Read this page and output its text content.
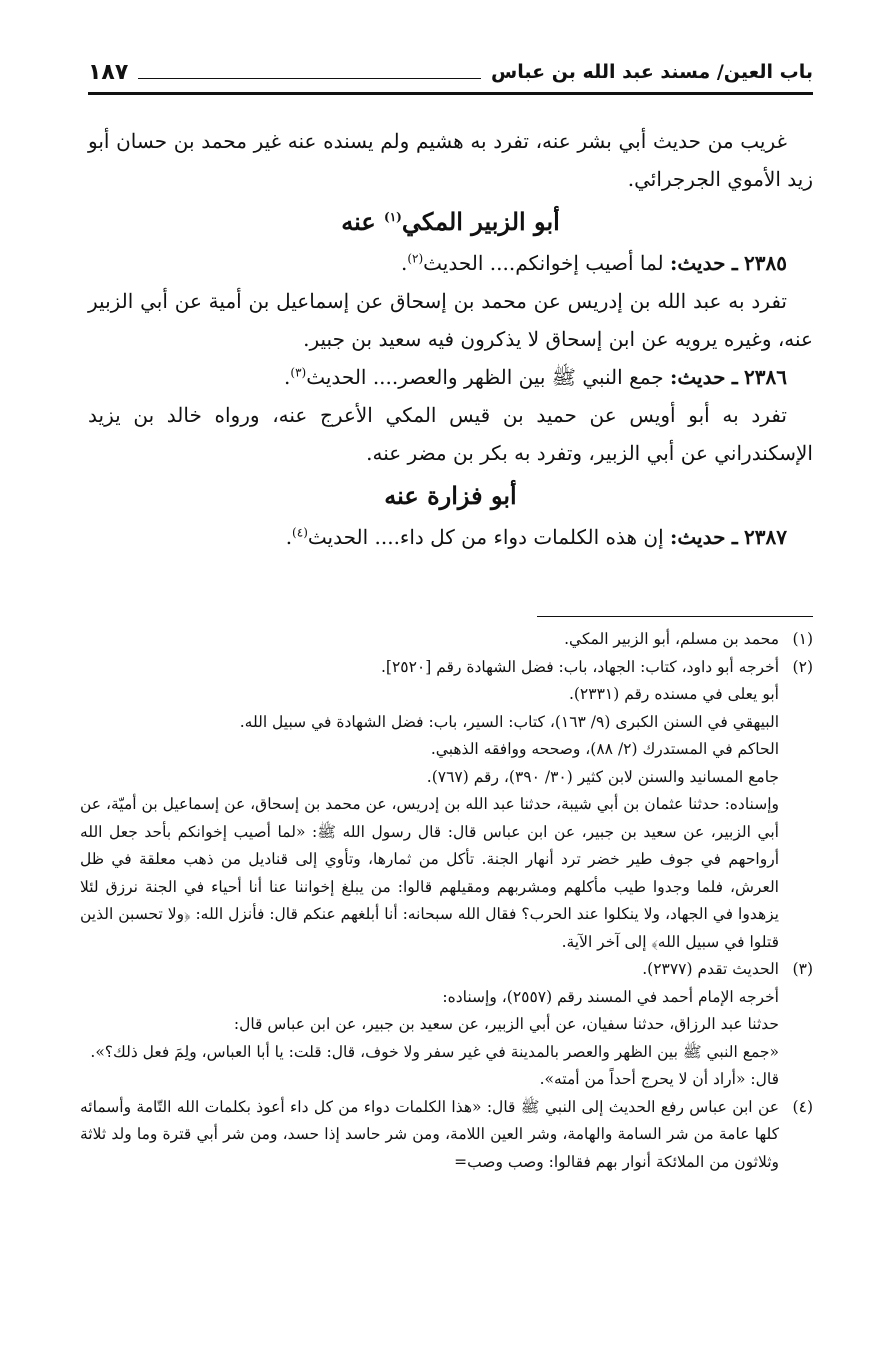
باب العين/ مسند عبد الله بن عباس
١٨٧

غريب من حديث أبي بشر عنه، تفرد به هشيم ولم يسنده عنه غير محمد بن حسان أبو زيد الأموي الجرجرائي.

أبو الزبير المكي$^{(١)}$ عنه

٢٣٨٥ ـ حديث: لما أصيب إخوانكم.... الحديث$^{(٢)}$.

تفرد به عبد الله بن إدريس عن محمد بن إسحاق عن إسماعيل بن أمية عن أبي الزبير عنه، وغيره يرويه عن ابن إسحاق لا يذكرون فيه سعيد بن جبير.

٢٣٨٦ ـ حديث: جمع النبي ﷺ بين الظهر والعصر.... الحديث$^{(٣)}$.

تفرد به أبو أويس عن حميد بن قيس المكي الأعرج عنه، ورواه خالد بن يزيد الإسكندراني عن أبي الزبير، وتفرد به بكر بن مضر عنه.

أبو فزارة عنه

٢٣٨٧ ـ حديث: إن هذه الكلمات دواء من كل داء.... الحديث$^{(٤)}$.

(١)

محمد بن مسلم، أبو الزبير المكي.

(٢)

أخرجه أبو داود، كتاب: الجهاد، باب: فضل الشهادة رقم [٢٥٢٠].

أبو يعلى في مسنده رقم (٢٣٣١).

البيهقي في السنن الكبرى (٩/ ١٦٣)، كتاب: السير، باب: فضل الشهادة في سبيل الله.

الحاكم في المستدرك (٢/ ٨٨)، وصححه ووافقه الذهبي.

جامع المسانيد والسنن لابن كثير (٣٠/ ٣٩٠)، رقم (٧٦٧).

وإسناده: حدثنا عثمان بن أبي شيبة، حدثنا عبد الله بن إدريس، عن محمد بن إسحاق، عن إسماعيل بن أميّة، عن أبي الزبير، عن سعيد بن جبير، عن ابن عباس قال: قال رسول الله ﷺ: «لما أصيب إخوانكم بأحد جعل الله أرواحهم في جوف طير خضر ترد أنهار الجنة. تأكل من ثمارها، وتأوي إلى قناديل من ذهب معلقة في ظل العرش، فلما وجدوا طيب مأكلهم ومشربهم ومقيلهم قالوا: من يبلغ إخواننا عنا أنا أحياء في الجنة نرزق لئلا يزهدوا في الجهاد، ولا ينكلوا عند الحرب؟ فقال الله سبحانه: أنا أبلغهم عنكم قال: فأنزل الله: ﴿ولا تحسبن الذين قتلوا في سبيل الله﴾ إلى آخر الآية.

(٣)

الحديث تقدم (٢٣٧٧).

أخرجه الإمام أحمد في المسند رقم (٢٥٥٧)، وإسناده:

حدثنا عبد الرزاق، حدثنا سفيان، عن أبي الزبير، عن سعيد بن جبير، عن ابن عباس قال:

«جمع النبي ﷺ بين الظهر والعصر بالمدينة في غير سفر ولا خوف، قال: قلت: يا أبا العباس، ولِمَ فعل ذلك؟».

قال: «أراد أن لا يحرج أحداً من أمته».

(٤)

عن ابن عباس رفع الحديث إلى النبي ﷺ قال: «هذا الكلمات دواء من كل داء أعوذ بكلمات الله التّامة وأسمائه كلها عامة من شر السامة والهامة، وشر العين اللامة، ومن شر حاسد إذا حسد، ومن شر أبي قترة وما ولد ثلاثة وثلاثون من الملائكة أنوار بهم فقالوا: وصب وصب=
